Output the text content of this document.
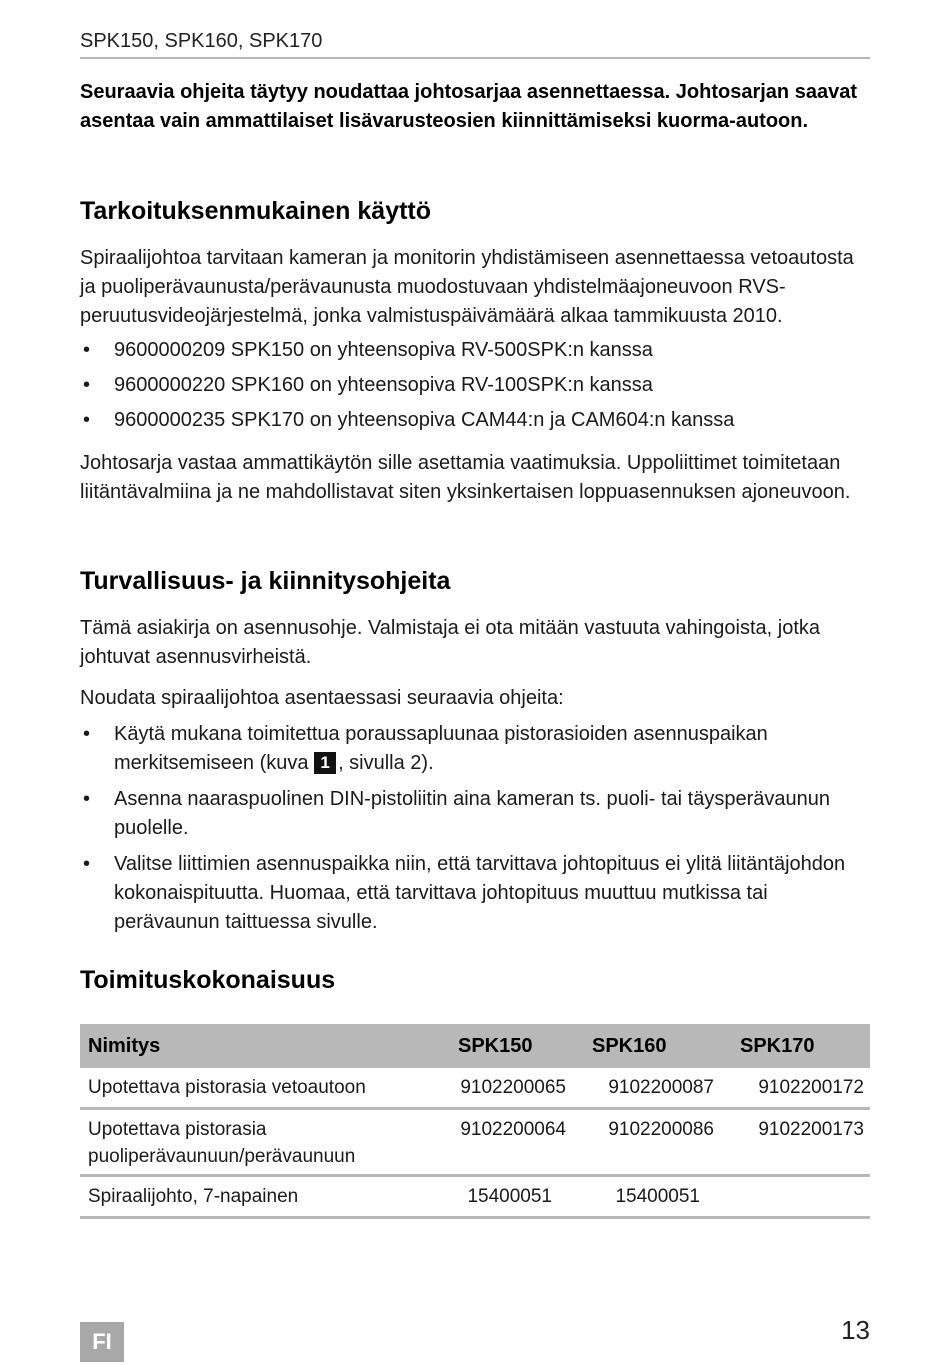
SPK150, SPK160, SPK170
Seuraavia ohjeita täytyy noudattaa johtosarjaa asennettaessa. Johtosarjan saavat asentaa vain ammattilaiset lisävarusteosien kiinnittämiseksi kuorma-autoon.
Tarkoituksenmukainen käyttö

Spiraalijohtoa tarvitaan kameran ja monitorin yhdistämiseen asennettaessa vetoautosta ja puoliperävaunusta/perävaunusta muodostuvaan yhdistelmäajoneuvoon RVS-peruutusvideojärjestelmä, jonka valmistuspäivämäärä alkaa tammikuusta 2010.

• 9600000209 SPK150 on yhteensopiva RV-500SPK:n kanssa
• 9600000220 SPK160 on yhteensopiva RV-100SPK:n kanssa
• 9600000235 SPK170 on yhteensopiva CAM44:n ja CAM604:n kanssa

Johtosarja vastaa ammattikäytön sille asettamia vaatimuksia. Uppoliittimet toimitetaan liitäntävalmiina ja ne mahdollistavat siten yksinkertaisen loppuasennuksen ajoneuvoon.

Turvallisuus- ja kiinnitysohjeita

Tämä asiakirja on asennusohje. Valmistaja ei ota mitään vastuuta vahingoista, jotka johtuvat asennusvirheistä.

Noudata spiraalijohtoa asentaessasi seuraavia ohjeita:

• Käytä mukana toimitettua poraussapluunaa pistorasioiden asennuspaikan merkitsemiseen (kuva 1 , sivulla 2).
• Asenna naaraspuolinen DIN-pistoliitin aina kameran ts. puoli- tai täysperävaunun puolelle.
• Valitse liittimien asennuspaikka niin, että tarvittava johtopituus ei ylitä liitäntäjohdon kokonaispituutta. Huomaa, että tarvittava johtopituus muuttuu mutkissa tai perävaunun taittuessa sivulle.
Toimituskokonaisuus
Nimitys	SPK150	SPK160	SPK170
Upotettava pistorasia vetoautoon	9102200065	9102200087	9102200172
Upotettava pistorasia puoliperävaunuun/perävaunuun	9102200064	9102200086	9102200173
Spiraalijohto, 7-napainen	15400051	15400051	
FI	13
